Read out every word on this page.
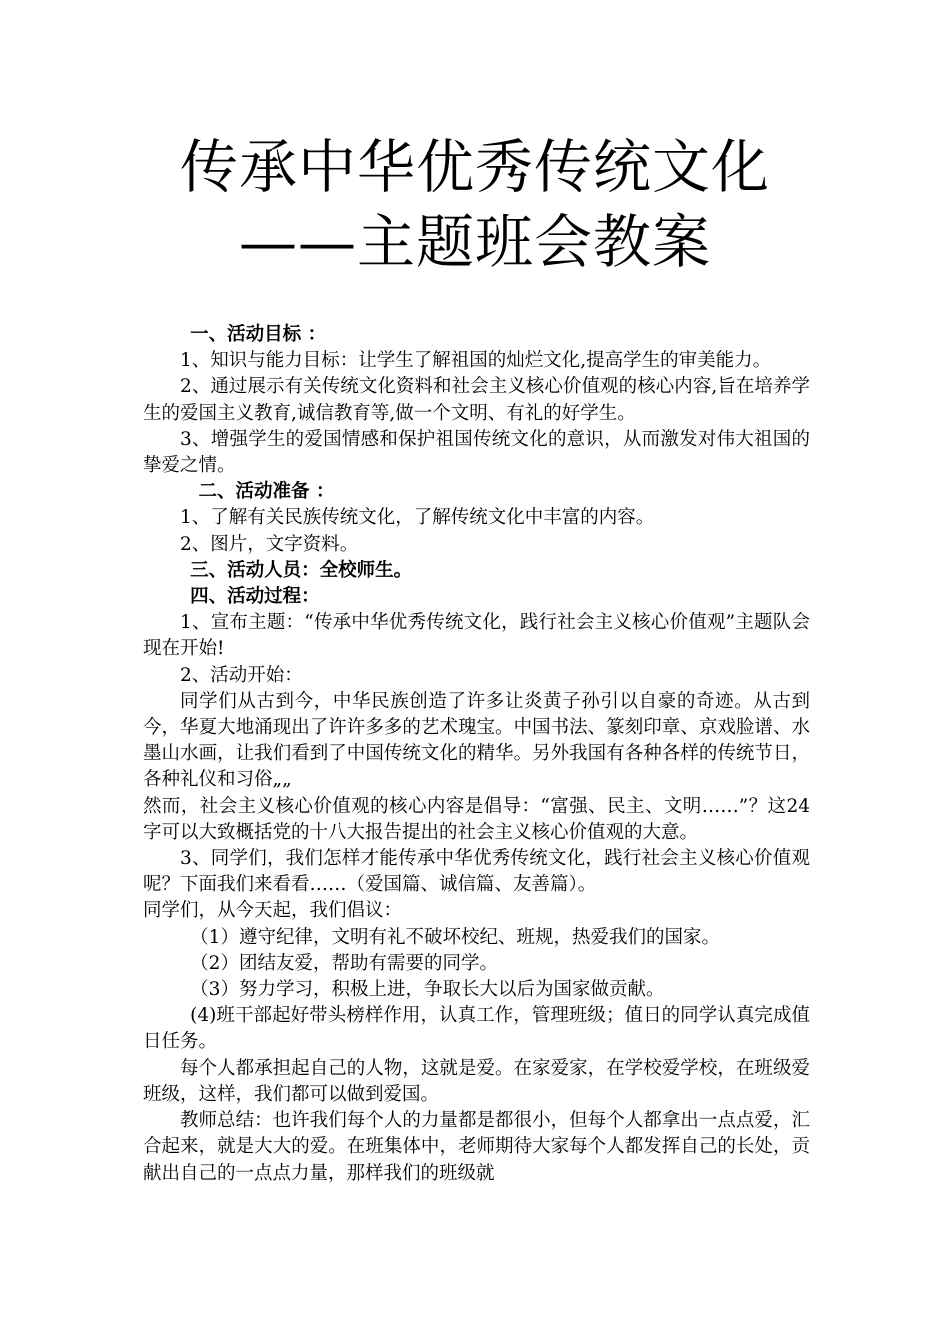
传承中华优秀传统文化
——主题班会教案

一、活动目标 ：

1、知识与能力目标：让学生了解祖国的灿烂文化,提高学生的审美能力。

2、通过展示有关传统文化资料和社会主义核心价值观的核心内容,旨在培养学生的爱国主义教育,诚信教育等,做一个文明、有礼的好学生。

3、增强学生的爱国情感和保护祖国传统文化的意识，从而激发对伟大祖国的挚爱之情。

二、活动准备 ：

1、了解有关民族传统文化，了解传统文化中丰富的内容。

2、图片，文字资料。

三、活动人员：全校师生。

四、活动过程：

1、宣布主题：“传承中华优秀传统文化，践行社会主义核心价值观”主题队会现在开始!

2、活动开始：

同学们从古到今，中华民族创造了许多让炎黄子孙引以自豪的奇迹。从古到今，华夏大地涌现出了许许多多的艺术瑰宝。中国书法、篆刻印章、京戏脸谱、水墨山水画，让我们看到了中国传统文化的精华。另外我国有各种各样的传统节日，各种礼仪和习俗„„

然而，社会主义核心价值观的核心内容是倡导：“富强、民主、文明……”？这24字可以大致概括党的十八大报告提出的社会主义核心价值观的大意。

3、同学们，我们怎样才能传承中华优秀传统文化，践行社会主义核心价值观呢？下面我们来看看……（爱国篇、诚信篇、友善篇）。

同学们，从今天起，我们倡议：

（1）遵守纪律，文明有礼不破坏校纪、班规，热爱我们的国家。

（2）团结友爱，帮助有需要的同学。

（3）努力学习，积极上进，争取长大以后为国家做贡献。

(4)班干部起好带头榜样作用，认真工作，管理班级；值日的同学认真完成值日任务。

每个人都承担起自己的人物，这就是爱。在家爱家，在学校爱学校，在班级爱班级，这样，我们都可以做到爱国。

教师总结：也许我们每个人的力量都是都很小，但每个人都拿出一点点爱，汇合起来，就是大大的爱。在班集体中，老师期待大家每个人都发挥自己的长处，贡献出自己的一点点力量，那样我们的班级就
